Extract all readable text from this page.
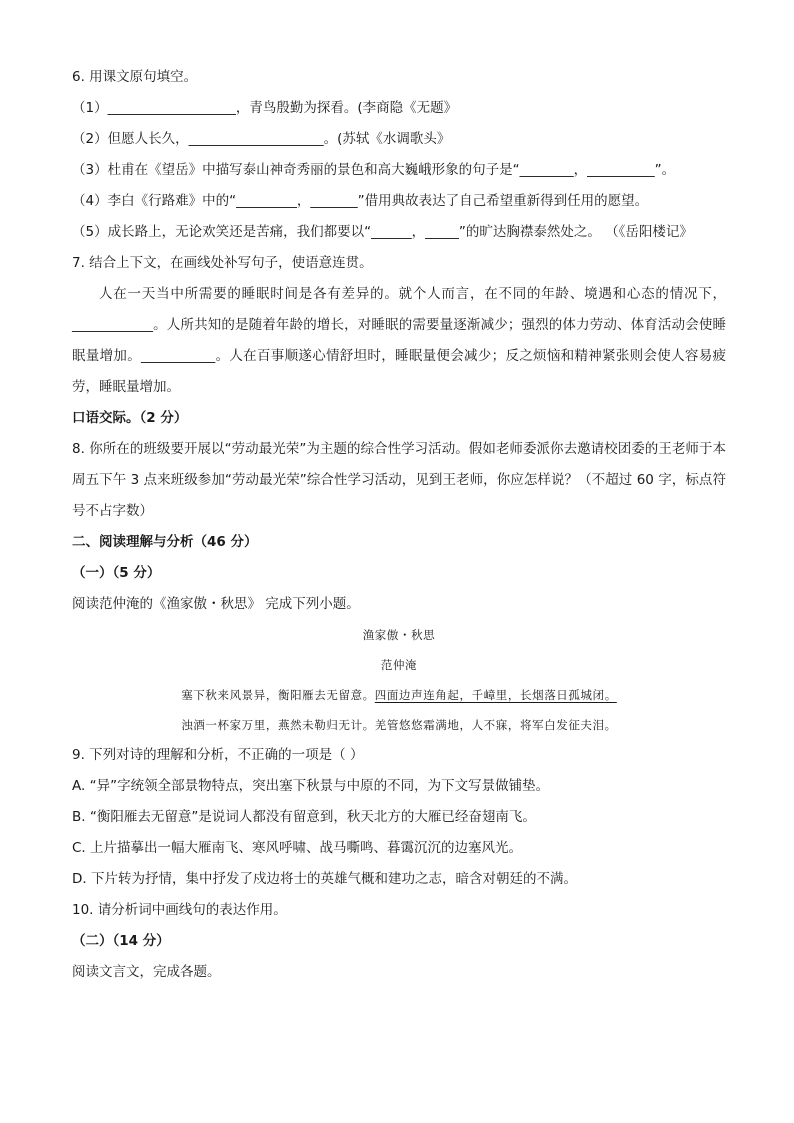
6. 用课文原句填空。
（1）___________________，青鸟殷勤为探看。(李商隐《无题》
（2）但愿人长久，____________________。(苏轼《水调歌头》
（3）杜甫在《望岳》中描写泰山神奇秀丽的景色和高大巍峨形象的句子是“________，__________”。
（4）李白《行路难》中的“_________，_______”借用典故表达了自己希望重新得到任用的愿望。
（5）成长路上，无论欢笑还是苦痛，我们都要以“______，_____”的旷达胸襟泰然处之。 （《岳阳楼记》
7. 结合上下文，在画线处补写句子，使语意连贯。
人在一天当中所需要的睡眠时间是各有差异的。就个人而言，在不同的年龄、境遇和心态的情况下，____________。人所共知的是随着年龄的增长，对睡眠的需要量逐渐减少；强烈的体力劳动、体育活动会使睡眠量增加。___________。人在百事顺遂心情舒坦时，睡眠量便会减少；反之烦恼和精神紧张则会使人容易疲劳，睡眠量增加。
口语交际。（2 分）
8. 你所在的班级要开展以“劳动最光荣”为主题的综合性学习活动。假如老师委派你去邀请校团委的王老师于本周五下午 3 点来班级参加“劳动最光荣”综合性学习活动，见到王老师，你应怎样说？（不超过 60 字，标点符号不占字数）
二、阅读理解与分析（46 分）
（一）（5 分）
阅读范仲淹的《渔家傲・秋思》 完成下列小题。
渔家傲・秋思
范仲淹
塞下秋来风景异，衡阳雁去无留意。四面边声连角起，千嶂里，长烟落日孤城闭。
浊酒一杯家万里，燕然未勒归无计。羌管悠悠霜满地，人不寐，将军白发征夫泪。
9. 下列对诗的理解和分析，不正确的一项是（ ）
A. “异”字统领全部景物特点，突出塞下秋景与中原的不同，为下文写景做铺垫。
B. “衡阳雁去无留意”是说词人都没有留意到，秋天北方的大雁已经奋翅南飞。
C. 上片描摹出一幅大雁南飞、寒风呼啸、战马嘶鸣、暮霭沉沉的边塞风光。
D. 下片转为抒情，集中抒发了戍边将士的英雄气概和建功之志，暗含对朝廷的不满。
10. 请分析词中画线句的表达作用。
（二）（14 分）
阅读文言文，完成各题。
